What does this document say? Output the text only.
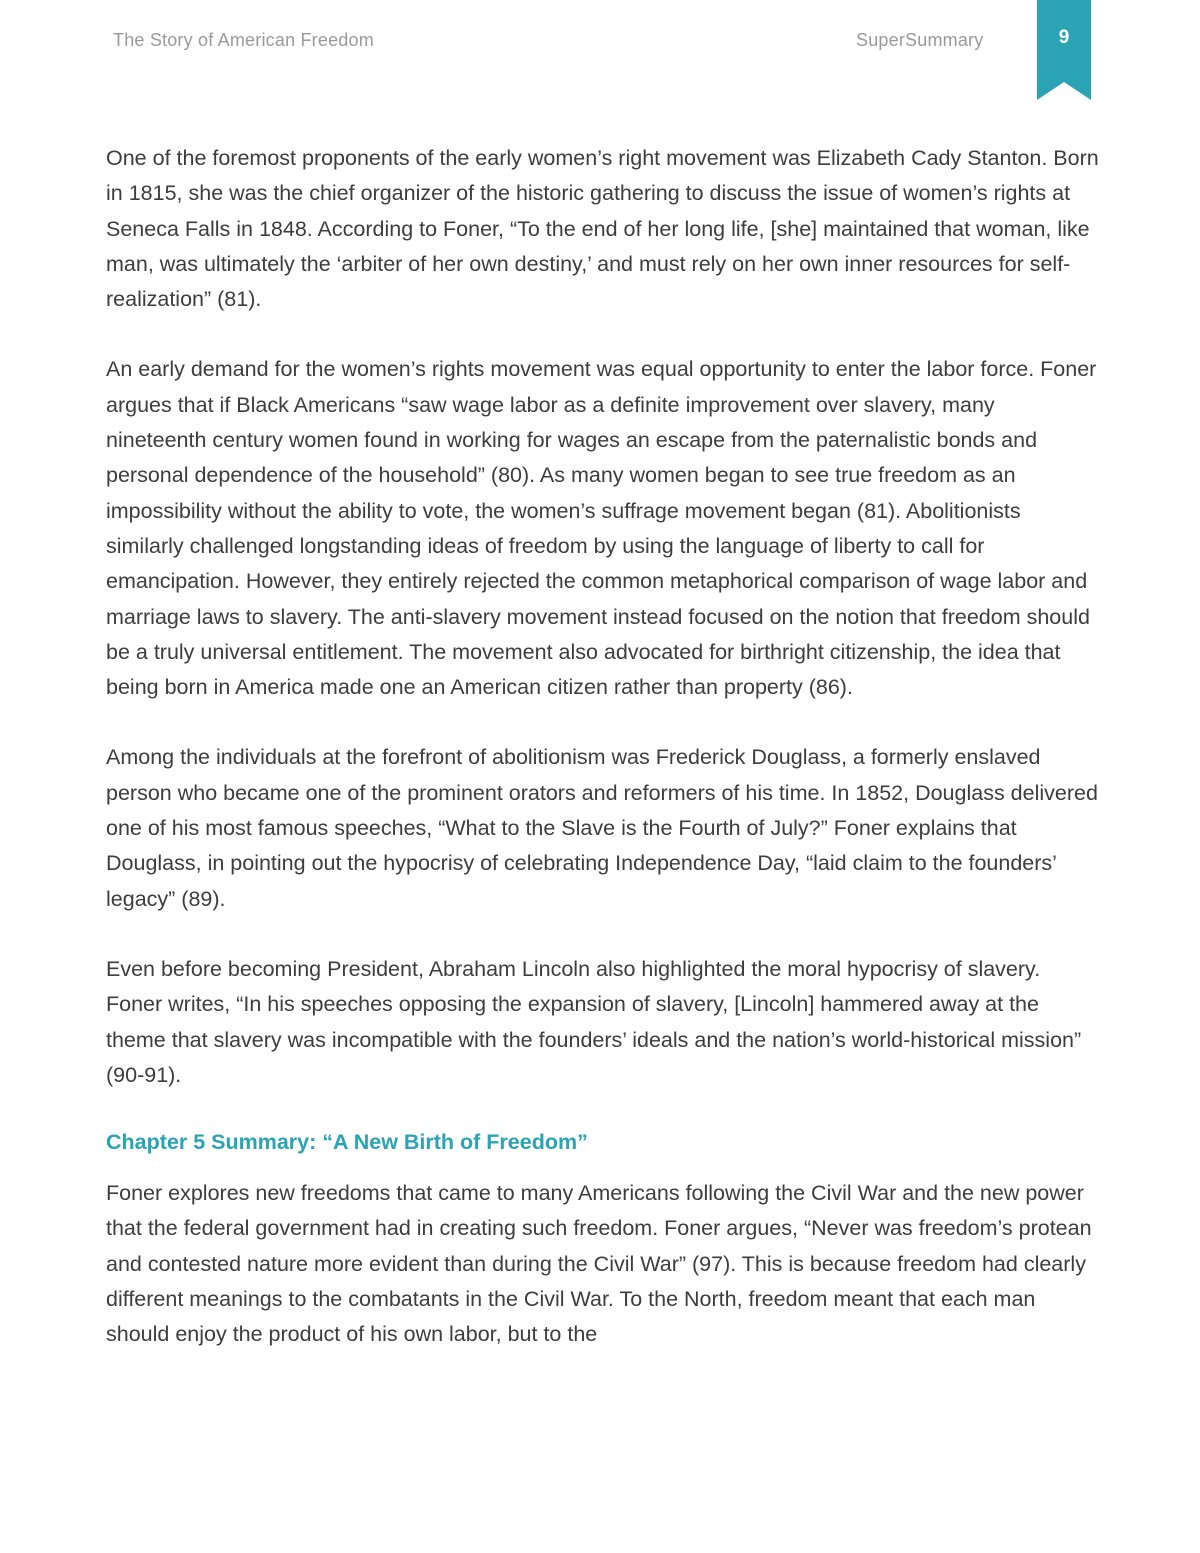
The Story of American Freedom	SuperSummary	9

One of the foremost proponents of the early women’s right movement was Elizabeth Cady Stanton. Born in 1815, she was the chief organizer of the historic gathering to discuss the issue of women’s rights at Seneca Falls in 1848. According to Foner, “To the end of her long life, [she] maintained that woman, like man, was ultimately the ‘arbiter of her own destiny,’ and must rely on her own inner resources for self-realization” (81).

An early demand for the women’s rights movement was equal opportunity to enter the labor force. Foner argues that if Black Americans “saw wage labor as a definite improvement over slavery, many nineteenth century women found in working for wages an escape from the paternalistic bonds and personal dependence of the household” (80). As many women began to see true freedom as an impossibility without the ability to vote, the women’s suffrage movement began (81). Abolitionists similarly challenged longstanding ideas of freedom by using the language of liberty to call for emancipation. However, they entirely rejected the common metaphorical comparison of wage labor and marriage laws to slavery. The anti-slavery movement instead focused on the notion that freedom should be a truly universal entitlement. The movement also advocated for birthright citizenship, the idea that being born in America made one an American citizen rather than property (86).

Among the individuals at the forefront of abolitionism was Frederick Douglass, a formerly enslaved person who became one of the prominent orators and reformers of his time. In 1852, Douglass delivered one of his most famous speeches, “What to the Slave is the Fourth of July?” Foner explains that Douglass, in pointing out the hypocrisy of celebrating Independence Day, “laid claim to the founders’ legacy” (89).

Even before becoming President, Abraham Lincoln also highlighted the moral hypocrisy of slavery. Foner writes, “In his speeches opposing the expansion of slavery, [Lincoln] hammered away at the theme that slavery was incompatible with the founders’ ideals and the nation’s world-historical mission” (90-91).

Chapter 5 Summary: “A New Birth of Freedom”

Foner explores new freedoms that came to many Americans following the Civil War and the new power that the federal government had in creating such freedom. Foner argues, “Never was freedom’s protean and contested nature more evident than during the Civil War” (97). This is because freedom had clearly different meanings to the combatants in the Civil War. To the North, freedom meant that each man should enjoy the product of his own labor, but to the
